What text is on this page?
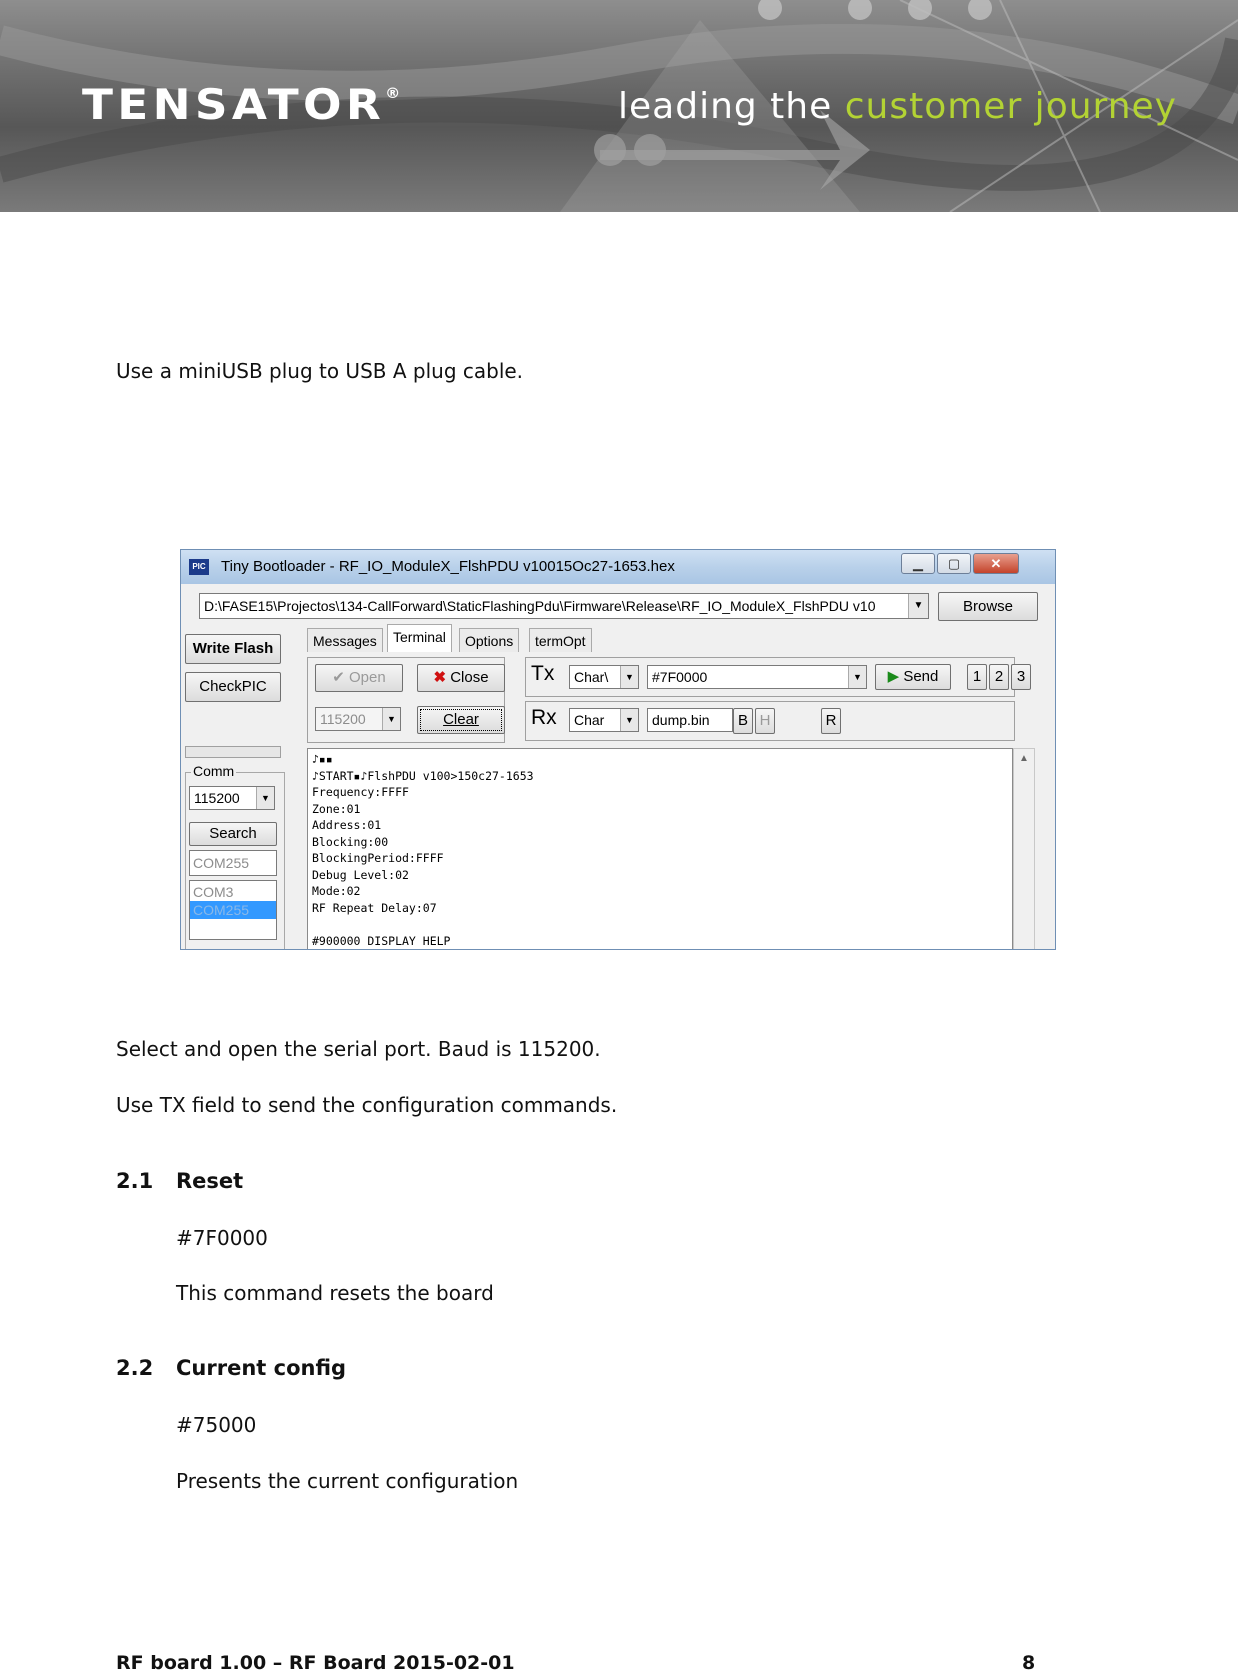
TENSATOR®	leading the customer journey
Use a miniUSB plug to USB A plug cable.
PIC Tiny Bootloader - RF_IO_ModuleX_FlshPDU v10015Oc27-1653.hex	▁	▢	✕
D:\FASE15\Projectos\134-CallForward\StaticFlashingPdu\Firmware\Release\RF_IO_ModuleX_FlshPDU v10	▼	Browse
Write Flash
CheckPIC
Messages	Terminal	Options	termOpt
✔ Open	✖ Close
115200	▼	Clear
Tx	Char\	▼	#7F0000	▼	▶ Send	1 2 3
Rx	Char	▼	dump.bin	B H	R
Comm
115200	▼
Search
COM255
COM3
COM255
♪▪▪
♪START▪♪FlshPDU v100>150c27-1653
Frequency:FFFF
Zone:01
Address:01
Blocking:00
BlockingPeriod:FFFF
Debug Level:02
Mode:02
RF Repeat Delay:07
#900000 DISPLAY HELP
▲
Select and open the serial port. Baud is 115200.
Use TX field to send the configuration commands.
2.1 Reset
#7F0000
This command resets the board
2.2 Current config
#75000
Presents the current configuration
RF board 1.00 – RF Board 2015-02-01	8
